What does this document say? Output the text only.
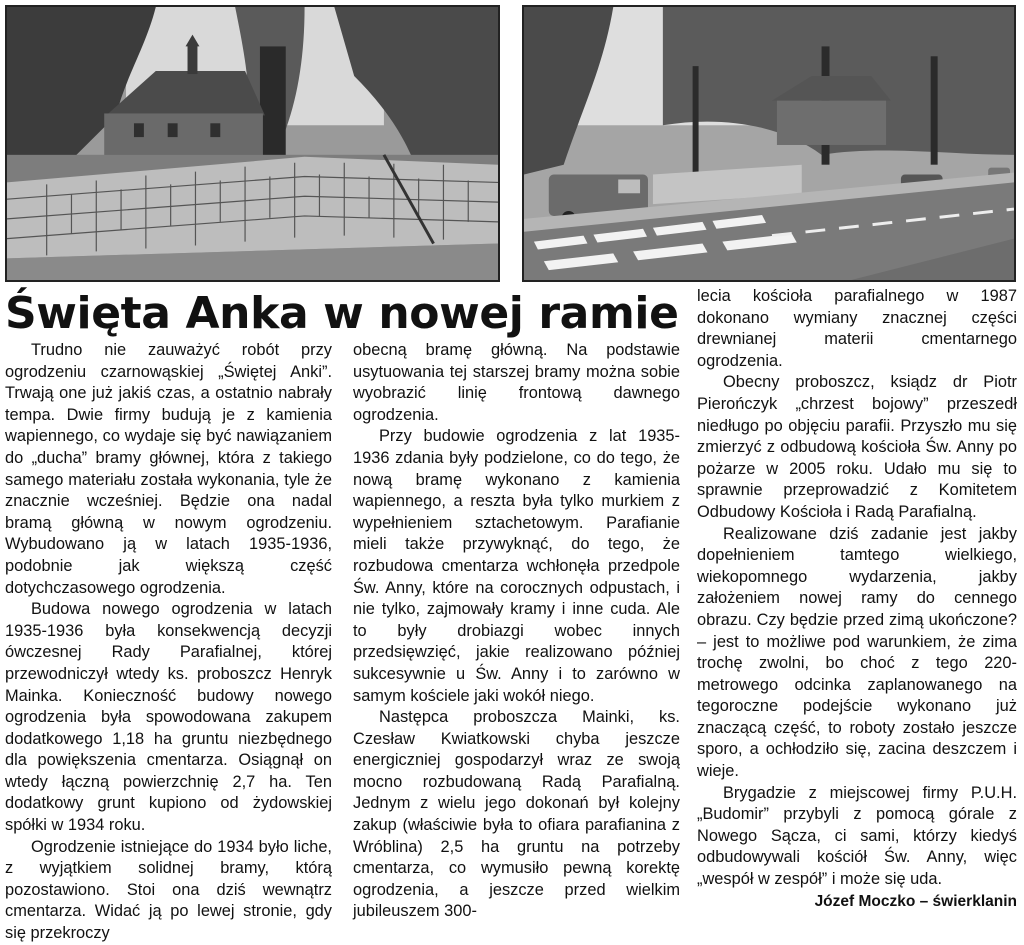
Święta Anka w nowej ramie

Trudno nie zauważyć robót przy ogrodzeniu czarnowąskiej „Świętej Anki”. Trwają one już jakiś czas, a ostatnio nabrały tempa. Dwie firmy budują je z kamienia wapiennego, co wydaje się być nawiązaniem do „ducha” bramy głównej, która z takiego samego materiału została wykonania, tyle że znacznie wcześniej. Będzie ona nadal bramą główną w nowym ogrodzeniu. Wybudowano ją w latach 1935-1936, podobnie jak większą część dotychczasowego ogrodzenia.

Budowa nowego ogrodzenia w latach 1935-1936 była konsekwencją decyzji ówczesnej Rady Parafialnej, której przewodniczył wtedy ks. proboszcz Henryk Mainka. Konieczność budowy nowego ogrodzenia była spowodowana zakupem dodatkowego 1,18 ha gruntu niezbędnego dla powiększenia cmentarza. Osiągnął on wtedy łączną powierzchnię 2,7 ha. Ten dodatkowy grunt kupiono od żydowskiej spółki w 1934 roku.

Ogrodzenie istniejące do 1934 było liche, z wyjątkiem solidnej bramy, którą pozostawiono. Stoi ona dziś wewnątrz cmentarza. Widać ją po lewej stronie, gdy się przekroczy

obecną bramę główną. Na podstawie usytuowania tej starszej bramy można sobie wyobrazić linię frontową dawnego ogrodzenia.

Przy budowie ogrodzenia z lat 1935-1936 zdania były podzielone, co do tego, że nową bramę wykonano z kamienia wapiennego, a reszta była tylko murkiem z wypełnieniem sztachetowym. Parafianie mieli także przywyknąć, do tego, że rozbudowa cmentarza wchłonęła przedpole Św. Anny, które na corocznych odpustach, i nie tylko, zajmowały kramy i inne cuda. Ale to były drobiazgi wobec innych przedsięwzięć, jakie realizowano później sukcesywnie u Św. Anny i to zarówno w samym kościele jaki wokół niego.

Następca proboszcza Mainki, ks. Czesław Kwiatkowski chyba jeszcze energiczniej gospodarzył wraz ze swoją mocno rozbudowaną Radą Parafialną. Jednym z wielu jego dokonań był kolejny zakup (właściwie była to ofiara parafianina z Wróblina) 2,5 ha gruntu na potrzeby cmentarza, co wymusiło pewną korektę ogrodzenia, a jeszcze przed wielkim jubileuszem 300-

lecia kościoła parafialnego w 1987 dokonano wymiany znacznej części drewnianej materii cmentarnego ogrodzenia.

Obecny proboszcz, ksiądz dr Piotr Pierończyk „chrzest bojowy” przeszedł niedługo po objęciu parafii. Przyszło mu się zmierzyć z odbudową kościoła Św. Anny po pożarze w 2005 roku. Udało mu się to sprawnie przeprowadzić z Komitetem Odbudowy Kościoła i Radą Parafialną.

Realizowane dziś zadanie jest jakby dopełnieniem tamtego wielkiego, wiekopomnego wydarzenia, jakby założeniem nowej ramy do cennego obrazu. Czy będzie przed zimą ukończone? – jest to możliwe pod warunkiem, że zima trochę zwolni, bo choć z tego 220-metrowego odcinka zaplanowanego na tegoroczne podejście wykonano już znaczącą część, to roboty zostało jeszcze sporo, a ochłodziło się, zacina deszczem i wieje.

Brygadzie z miejscowej firmy P.U.H. „Budomir” przybyli z pomocą górale z Nowego Sącza, ci sami, którzy kiedyś odbudowywali kościół Św. Anny, więc „wespół w zespół” i może się uda.

Józef Moczko – świerklanin
